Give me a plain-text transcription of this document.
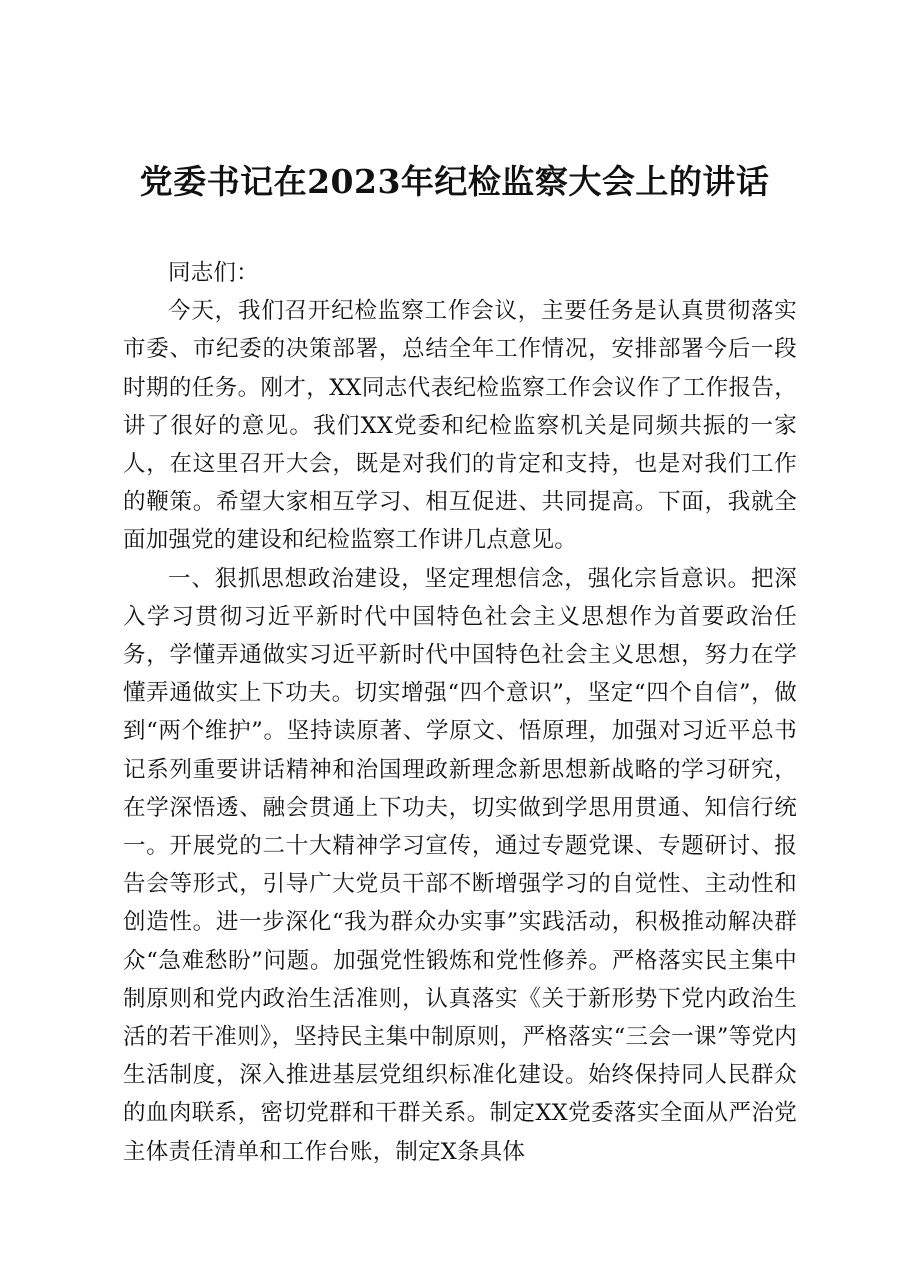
党委书记在2023年纪检监察大会上的讲话

同志们：

今天，我们召开纪检监察工作会议，主要任务是认真贯彻落实市委、市纪委的决策部署，总结全年工作情况，安排部署今后一段时期的任务。刚才，XX同志代表纪检监察工作会议作了工作报告，讲了很好的意见。我们XX党委和纪检监察机关是同频共振的一家人，在这里召开大会，既是对我们的肯定和支持，也是对我们工作的鞭策。希望大家相互学习、相互促进、共同提高。下面，我就全面加强党的建设和纪检监察工作讲几点意见。

一、狠抓思想政治建设，坚定理想信念，强化宗旨意识。把深入学习贯彻习近平新时代中国特色社会主义思想作为首要政治任务，学懂弄通做实习近平新时代中国特色社会主义思想，努力在学懂弄通做实上下功夫。切实增强“四个意识”，坚定“四个自信”，做到“两个维护”。坚持读原著、学原文、悟原理，加强对习近平总书记系列重要讲话精神和治国理政新理念新思想新战略的学习研究，在学深悟透、融会贯通上下功夫，切实做到学思用贯通、知信行统一。开展党的二十大精神学习宣传，通过专题党课、专题研讨、报告会等形式，引导广大党员干部不断增强学习的自觉性、主动性和创造性。进一步深化“我为群众办实事”实践活动，积极推动解决群众“急难愁盼”问题。加强党性锻炼和党性修养。严格落实民主集中制原则和党内政治生活准则，认真落实《关于新形势下党内政治生活的若干准则》，坚持民主集中制原则，严格落实“三会一课”等党内生活制度，深入推进基层党组织标准化建设。始终保持同人民群众的血肉联系，密切党群和干群关系。制定XX党委落实全面从严治党主体责任清单和工作台账，制定X条具体
